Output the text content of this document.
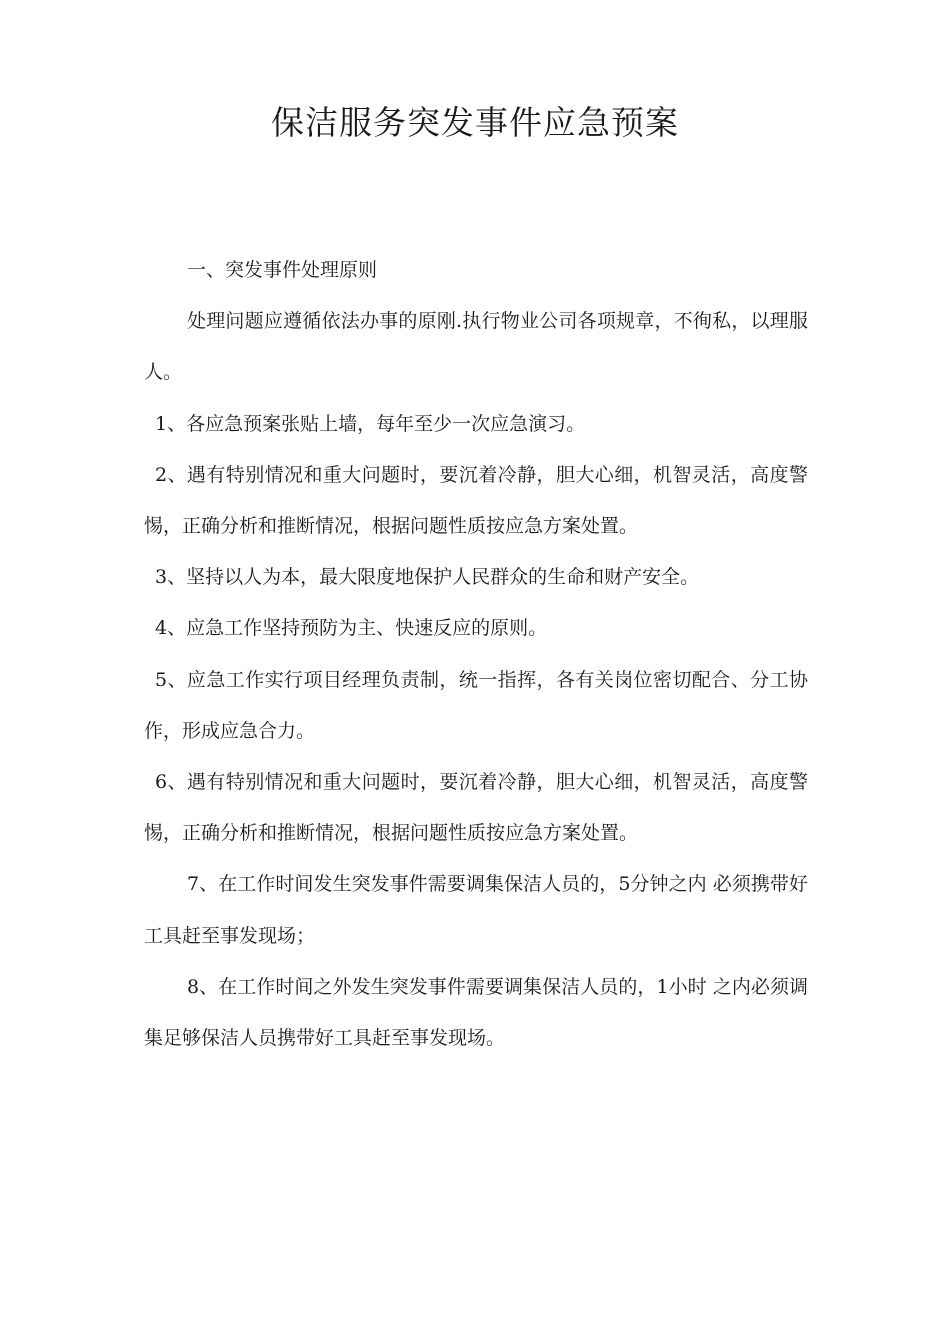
保洁服务突发事件应急预案

一、突发事件处理原则

处理问题应遵循依法办事的原刚.执行物业公司各项规章，不徇私，以理服人。

1、各应急预案张贴上墙，每年至少一次应急演习。

2、遇有特别情况和重大问题时，要沉着冷静，胆大心细，机智灵活，高度警惕，正确分析和推断情况，根据问题性质按应急方案处置。

3、坚持以人为本，最大限度地保护人民群众的生命和财产安全。

4、应急工作坚持预防为主、快速反应的原则。

5、应急工作实行项目经理负责制，统一指挥，各有关岗位密切配合、分工协作，形成应急合力。

6、遇有特别情况和重大问题时，要沉着冷静，胆大心细，机智灵活，高度警惕，正确分析和推断情况，根据问题性质按应急方案处置。

7、在工作时间发生突发事件需要调集保洁人员的，5分钟之内 必须携带好工具赶至事发现场；

8、在工作时间之外发生突发事件需要调集保洁人员的，1小时 之内必须调集足够保洁人员携带好工具赶至事发现场。
